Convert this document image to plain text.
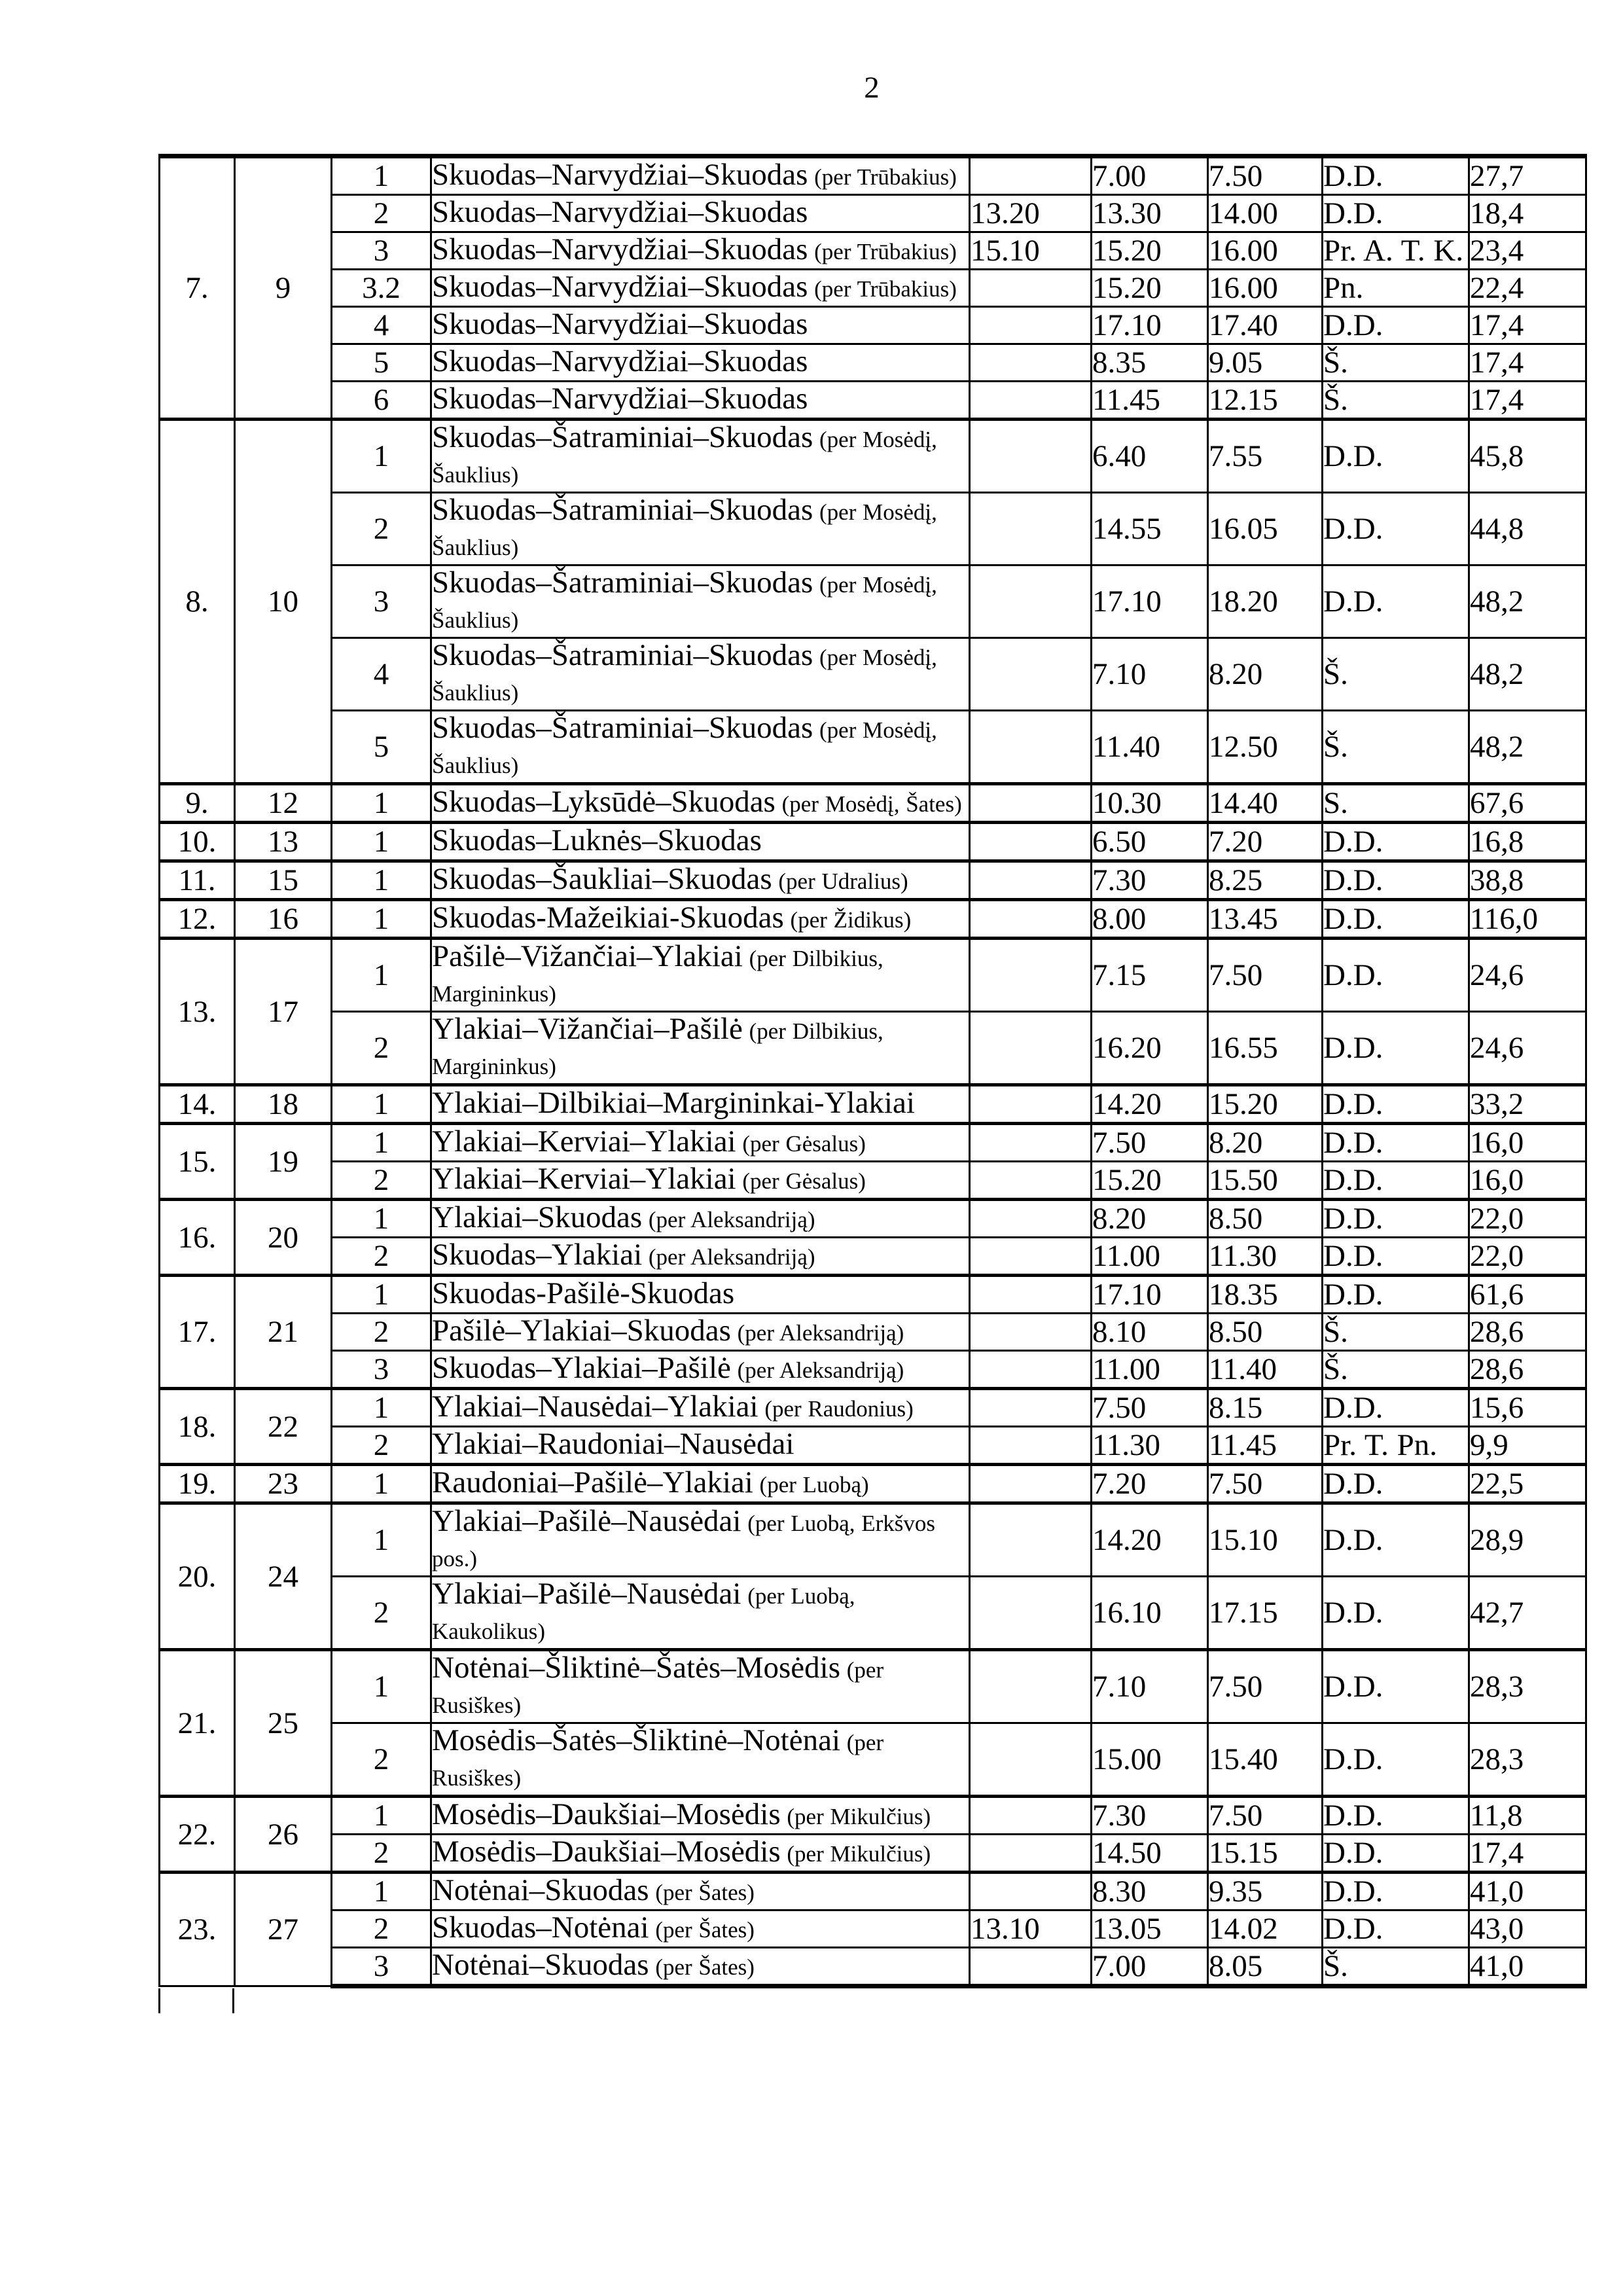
2
7.	9	1	Skuodas–Narvydžiai–Skuodas (per Trūbakius)		7.00	7.50	D.D.	27,7
		2	Skuodas–Narvydžiai–Skuodas	13.20	13.30	14.00	D.D.	18,4
		3	Skuodas–Narvydžiai–Skuodas (per Trūbakius)	15.10	15.20	16.00	Pr. A. T. K.	23,4
		3.2	Skuodas–Narvydžiai–Skuodas (per Trūbakius)		15.20	16.00	Pn.	22,4
		4	Skuodas–Narvydžiai–Skuodas		17.10	17.40	D.D.	17,4
		5	Skuodas–Narvydžiai–Skuodas		8.35	9.05	Š.	17,4
		6	Skuodas–Narvydžiai–Skuodas		11.45	12.15	Š.	17,4
8.	10	1	Skuodas–Šatraminiai–Skuodas (per Mosėdį, Šauklius)		6.40	7.55	D.D.	45,8
		2	Skuodas–Šatraminiai–Skuodas (per Mosėdį, Šauklius)		14.55	16.05	D.D.	44,8
		3	Skuodas–Šatraminiai–Skuodas (per Mosėdį, Šauklius)		17.10	18.20	D.D.	48,2
		4	Skuodas–Šatraminiai–Skuodas (per Mosėdį, Šauklius)		7.10	8.20	Š.	48,2
		5	Skuodas–Šatraminiai–Skuodas (per Mosėdį, Šauklius)		11.40	12.50	Š.	48,2
9.	12	1	Skuodas–Lyksūdė–Skuodas (per Mosėdį, Šates)		10.30	14.40	S.	67,6
10.	13	1	Skuodas–Luknės–Skuodas		6.50	7.20	D.D.	16,8
11.	15	1	Skuodas–Šaukliai–Skuodas (per Udralius)		7.30	8.25	D.D.	38,8
12.	16	1	Skuodas-Mažeikiai-Skuodas (per Židikus)		8.00	13.45	D.D.	116,0
13.	17	1	Pašilė–Vižančiai–Ylakiai (per Dilbikius, Margininkus)		7.15	7.50	D.D.	24,6
		2	Ylakiai–Vižančiai–Pašilė (per Dilbikius, Margininkus)		16.20	16.55	D.D.	24,6
14.	18	1	Ylakiai–Dilbikiai–Margininkai-Ylakiai		14.20	15.20	D.D.	33,2
15.	19	1	Ylakiai–Kerviai–Ylakiai (per Gėsalus)		7.50	8.20	D.D.	16,0
		2	Ylakiai–Kerviai–Ylakiai (per Gėsalus)		15.20	15.50	D.D.	16,0
16.	20	1	Ylakiai–Skuodas (per Aleksandriją)		8.20	8.50	D.D.	22,0
		2	Skuodas–Ylakiai (per Aleksandriją)		11.00	11.30	D.D.	22,0
17.	21	1	Skuodas-Pašilė-Skuodas		17.10	18.35	D.D.	61,6
		2	Pašilė–Ylakiai–Skuodas (per Aleksandriją)		8.10	8.50	Š.	28,6
		3	Skuodas–Ylakiai–Pašilė (per Aleksandriją)		11.00	11.40	Š.	28,6
18.	22	1	Ylakiai–Nausėdai–Ylakiai (per Raudonius)		7.50	8.15	D.D.	15,6
		2	Ylakiai–Raudoniai–Nausėdai		11.30	11.45	Pr. T. Pn.	9,9
19.	23	1	Raudoniai–Pašilė–Ylakiai (per Luobą)		7.20	7.50	D.D.	22,5
20.	24	1	Ylakiai–Pašilė–Nausėdai (per Luobą, Erkšvos pos.)		14.20	15.10	D.D.	28,9
		2	Ylakiai–Pašilė–Nausėdai (per Luobą, Kaukolikus)		16.10	17.15	D.D.	42,7
21.	25	1	Notėnai–Šliktinė–Šatės–Mosėdis (per Rusiškes)		7.10	7.50	D.D.	28,3
		2	Mosėdis–Šatės–Šliktinė–Notėnai (per Rusiškes)		15.00	15.40	D.D.	28,3
22.	26	1	Mosėdis–Daukšiai–Mosėdis (per Mikulčius)		7.30	7.50	D.D.	11,8
		2	Mosėdis–Daukšiai–Mosėdis (per Mikulčius)		14.50	15.15	D.D.	17,4
23.	27	1	Notėnai–Skuodas (per Šates)		8.30	9.35	D.D.	41,0
		2	Skuodas–Notėnai (per Šates)	13.10	13.05	14.02	D.D.	43,0
		3	Notėnai–Skuodas (per Šates)		7.00	8.05	Š.	41,0
